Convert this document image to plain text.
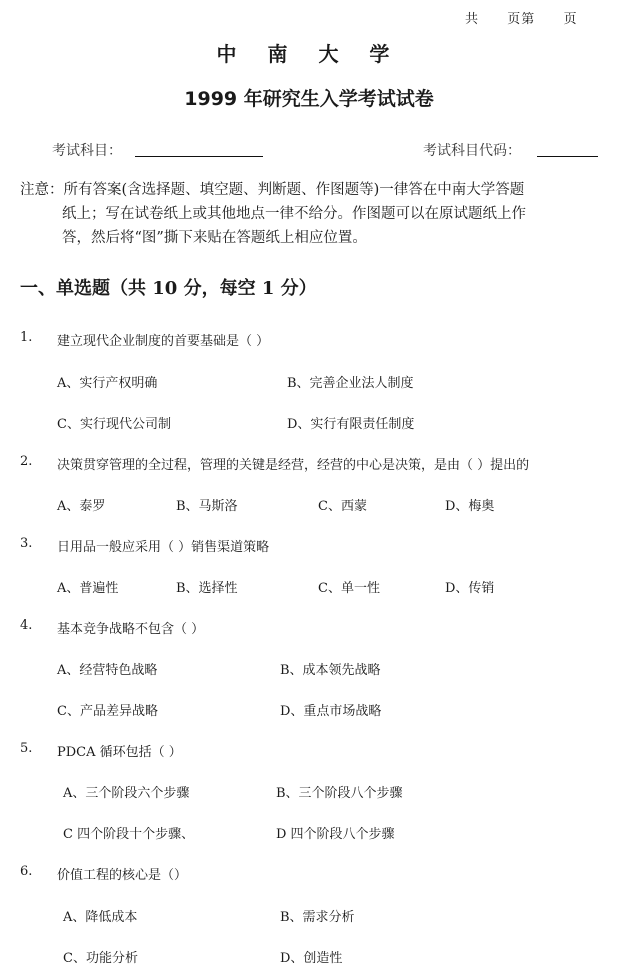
共 页第 页
中 南 大 学
1999 年研究生入学考试试卷
考试科目：	考试科目代码：
注意：所有答案(含选择题、填空题、判断题、作图题等)一律答在中南大学答题
纸上；写在试卷纸上或其他地点一律不给分。作图题可以在原试题纸上作
答，然后将“图”撕下来贴在答题纸上相应位置。
一、单选题（共 10 分，每空 1 分）
1. 建立现代企业制度的首要基础是（ ）
A、实行产权明确	B、完善企业法人制度
C、实行现代公司制	D、实行有限责任制度
2. 决策贯穿管理的全过程，管理的关键是经营，经营的中心是决策，是由（ ）提出的
A、泰罗	B、马斯洛	C、西蒙	D、梅奥
3. 日用品一般应采用（ ）销售渠道策略
A、普遍性	B、选择性	C、单一性	D、传销
4. 基本竞争战略不包含（ ）
A、经营特色战略	B、成本领先战略
C、产品差异战略	D、重点市场战略
5. PDCA 循环包括（ ）
A、三个阶段六个步骤	B、三个阶段八个步骤
C 四个阶段十个步骤、	D 四个阶段八个步骤
6. 价值工程的核心是（）
A、降低成本	B、需求分析
C、功能分析	D、创造性
